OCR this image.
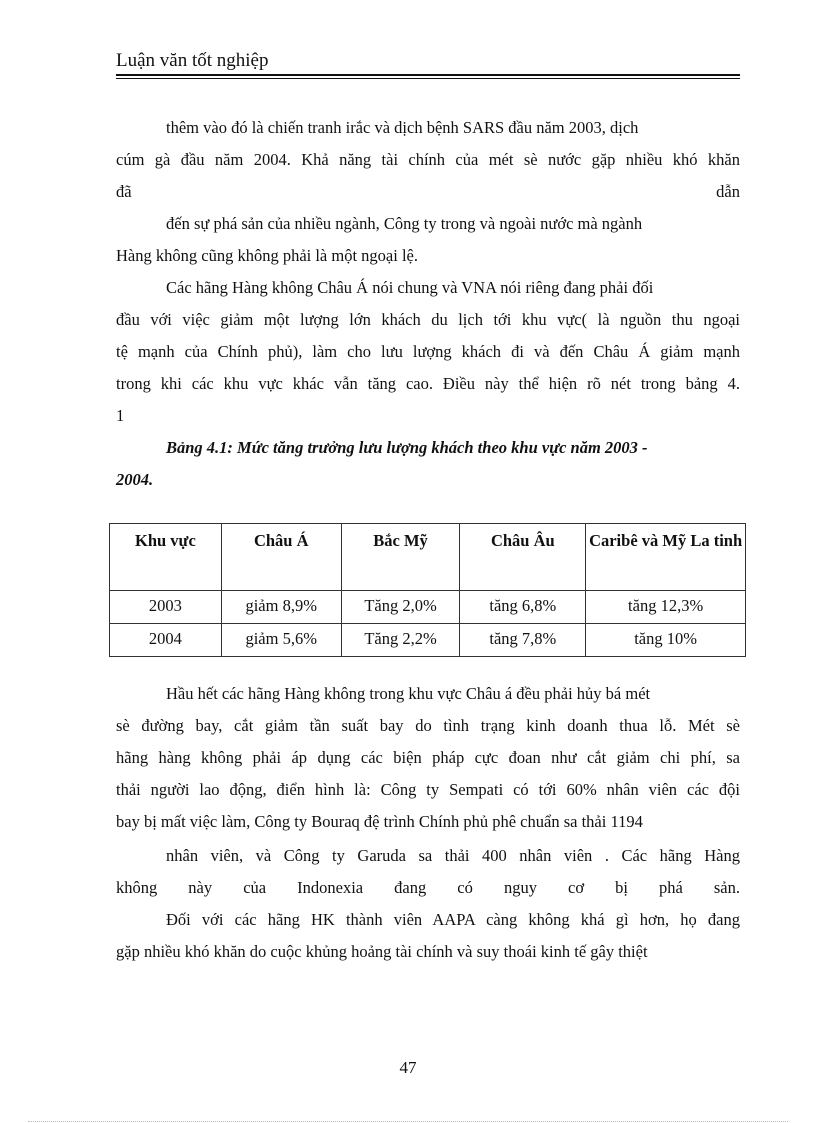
Luận văn tốt nghiệp
thêm vào đó là chiến tranh irắc và dịch bệnh SARS đầu năm 2003, dịch
cúm gà đầu năm 2004. Khả năng tài chính của mét sè nước gặp nhiều khó khăn
đã	dẫn
đến sự phá sản của nhiều ngành, Công ty trong và ngoài nước mà ngành
Hàng không cũng không phải là một ngoại lệ.
Các hãng Hàng không Châu Á nói chung và VNA nói riêng đang phải đối
đầu với việc giảm một lượng lớn khách du lịch tới khu vực( là nguồn thu ngoại
tệ mạnh của Chính phủ), làm cho lưu lượng khách đi và đến Châu Á giảm mạnh
trong khi các khu vực khác vẫn tăng cao. Điều này thể hiện rõ nét trong bảng 4.
1
Bảng 4.1: Mức tăng trưởng lưu lượng khách theo khu vực năm 2003 -
2004.
Khu vực	Châu Á	Bắc Mỹ	Châu Âu	Caribê và Mỹ La tinh
2003	giảm 8,9%	Tăng 2,0%	tăng 6,8%	tăng 12,3%
2004	giảm 5,6%	Tăng 2,2%	tăng 7,8%	tăng 10%
Hầu hết các hãng Hàng không trong khu vực Châu á đều phải hủy bá mét
sè đường bay, cắt giảm tần suất bay do tình trạng kinh doanh thua lỗ. Mét sè
hãng hàng không phải áp dụng các biện pháp cực đoan như cắt giảm chi phí, sa
thải người lao động, điển hình là: Công ty Sempati có tới 60% nhân viên các đội
bay bị mất việc làm, Công ty Bouraq đệ trình Chính phủ phê chuẩn sa thải 1194
nhân viên, và Công ty Garuda sa thải 400 nhân viên . Các hãng Hàng
không này của Indonexia đang có nguy cơ bị phá sản.
Đối với các hãng HK thành viên AAPA càng không khá gì hơn, họ đang
gặp nhiều khó khăn do cuộc khủng hoảng tài chính và suy thoái kinh tế gây thiệt
47
